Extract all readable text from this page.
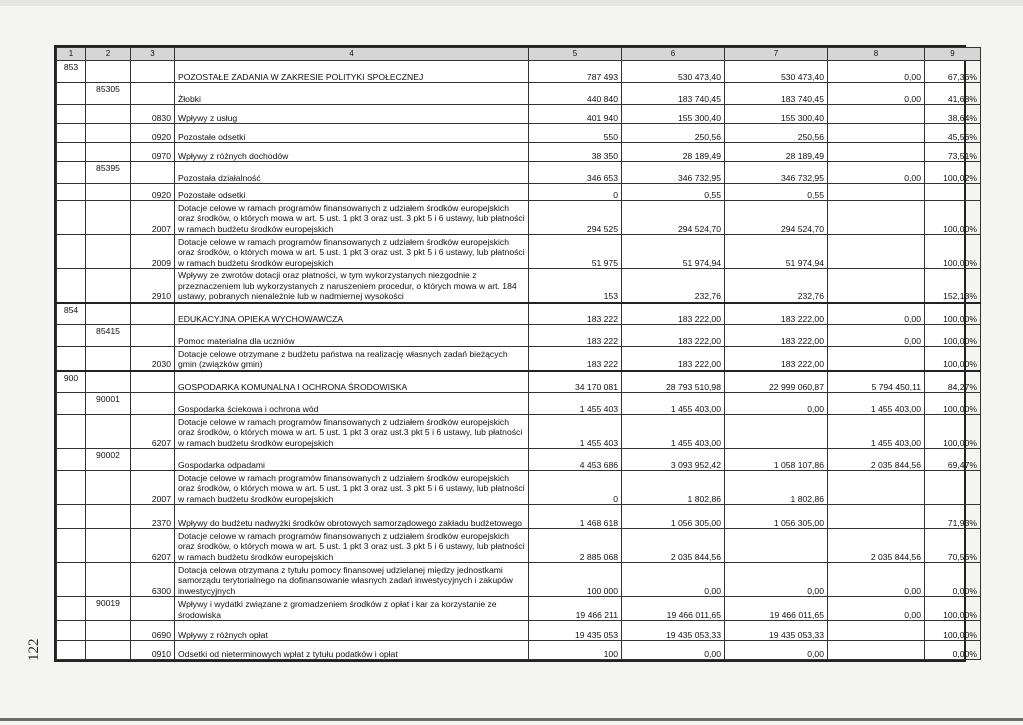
1	2	3	4	5	6	7	8	9
853			POZOSTAŁE ZADANIA W ZAKRESIE POLITYKI SPOŁECZNEJ	787 493	530 473,40	530 473,40	0,00	67,36%
	85305		Żłobki	440 840	183 740,45	183 740,45	0,00	41,68%
		0830	Wpływy z usług	401 940	155 300,40	155 300,40		38,64%
		0920	Pozostałe odsetki	550	250,56	250,56		45,56%
		0970	Wpływy z różnych dochodów	38 350	28 189,49	28 189,49		73,51%
	85395		Pozostała działalność	346 653	346 732,95	346 732,95	0,00	100,02%
		0920	Pozostałe odsetki	0	0,55	0,55		
		2007	Dotacje celowe w ramach programów finansowanych z udziałem środków europejskich oraz środków, o których mowa w art. 5 ust. 1 pkt 3 oraz ust. 3 pkt 5 i 6 ustawy, lub płatności w ramach budżetu środków europejskich	294 525	294 524,70	294 524,70		100,00%
		2009	Dotacje celowe w ramach programów finansowanych z udziałem środków europejskich oraz środków, o których mowa w art. 5 ust. 1 pkt 3 oraz ust. 3 pkt 5 i 6 ustawy, lub płatności w ramach budżetu środków europejskich	51 975	51 974,94	51 974,94		100,00%
		2910	Wpływy ze zwrotów dotacji oraz płatności, w tym wykorzystanych niezgodnie z przeznaczeniem lub wykorzystanych z naruszeniem procedur, o których mowa w art. 184 ustawy, pobranych nienależnie lub w nadmiernej wysokości	153	232,76	232,76		152,13%
854			EDUKACYJNA OPIEKA WYCHOWAWCZA	183 222	183 222,00	183 222,00	0,00	100,00%
	85415		Pomoc materialna dla uczniów	183 222	183 222,00	183 222,00	0,00	100,00%
		2030	Dotacje celowe otrzymane z budżetu państwa na realizację własnych zadań bieżących gmin (związków gmin)	183 222	183 222,00	183 222,00		100,00%
900			GOSPODARKA KOMUNALNA I OCHRONA ŚRODOWISKA	34 170 081	28 793 510,98	22 999 060,87	5 794 450,11	84,27%
	90001		Gospodarka ściekowa i ochrona wód	1 455 403	1 455 403,00	0,00	1 455 403,00	100,00%
		6207	Dotacje celowe w ramach programów finansowanych z udziałem środków europejskich oraz środków, o których mowa w art. 5 ust. 1 pkt 3 oraz ust.3 pkt 5 i 6 ustawy, lub płatności w ramach budżetu środków europejskich	1 455 403	1 455 403,00		1 455 403,00	100,00%
	90002		Gospodarka odpadami	4 453 686	3 093 952,42	1 058 107,86	2 035 844,56	69,47%
		2007	Dotacje celowe w ramach programów finansowanych z udziałem środków europejskich oraz środków, o których mowa w art. 5 ust. 1 pkt 3 oraz ust. 3 pkt 5 i 6 ustawy, lub płatności w ramach budżetu środków europejskich	0	1 802,86	1 802,86		
		2370	Wpływy do budżetu nadwyżki środków obrotowych samorządowego zakładu budżetowego	1 468 618	1 056 305,00	1 056 305,00		71,93%
		6207	Dotacje celowe w ramach programów finansowanych z udziałem środków europejskich oraz środków, o których mowa w art. 5 ust. 1 pkt 3 oraz ust. 3 pkt 5 i 6 ustawy, lub płatności w ramach budżetu środków europejskich	2 885 068	2 035 844,56		2 035 844,56	70,56%
		6300	Dotacja celowa otrzymana z tytułu pomocy finansowej udzielanej między jednostkami samorządu terytorialnego na dofinansowanie własnych zadań inwestycyjnych i zakupów inwestycyjnych	100 000	0,00	0,00	0,00	0,00%
	90019		Wpływy i wydatki związane z gromadzeniem środków z opłat i kar za korzystanie ze środowiska	19 466 211	19 466 011,65	19 466 011,65	0,00	100,00%
		0690	Wpływy z różnych opłat	19 435 053	19 435 053,33	19 435 053,33		100,00%
		0910	Odsetki od nieterminowych wpłat z tytułu podatków i opłat	100	0,00	0,00		0,00%
122
